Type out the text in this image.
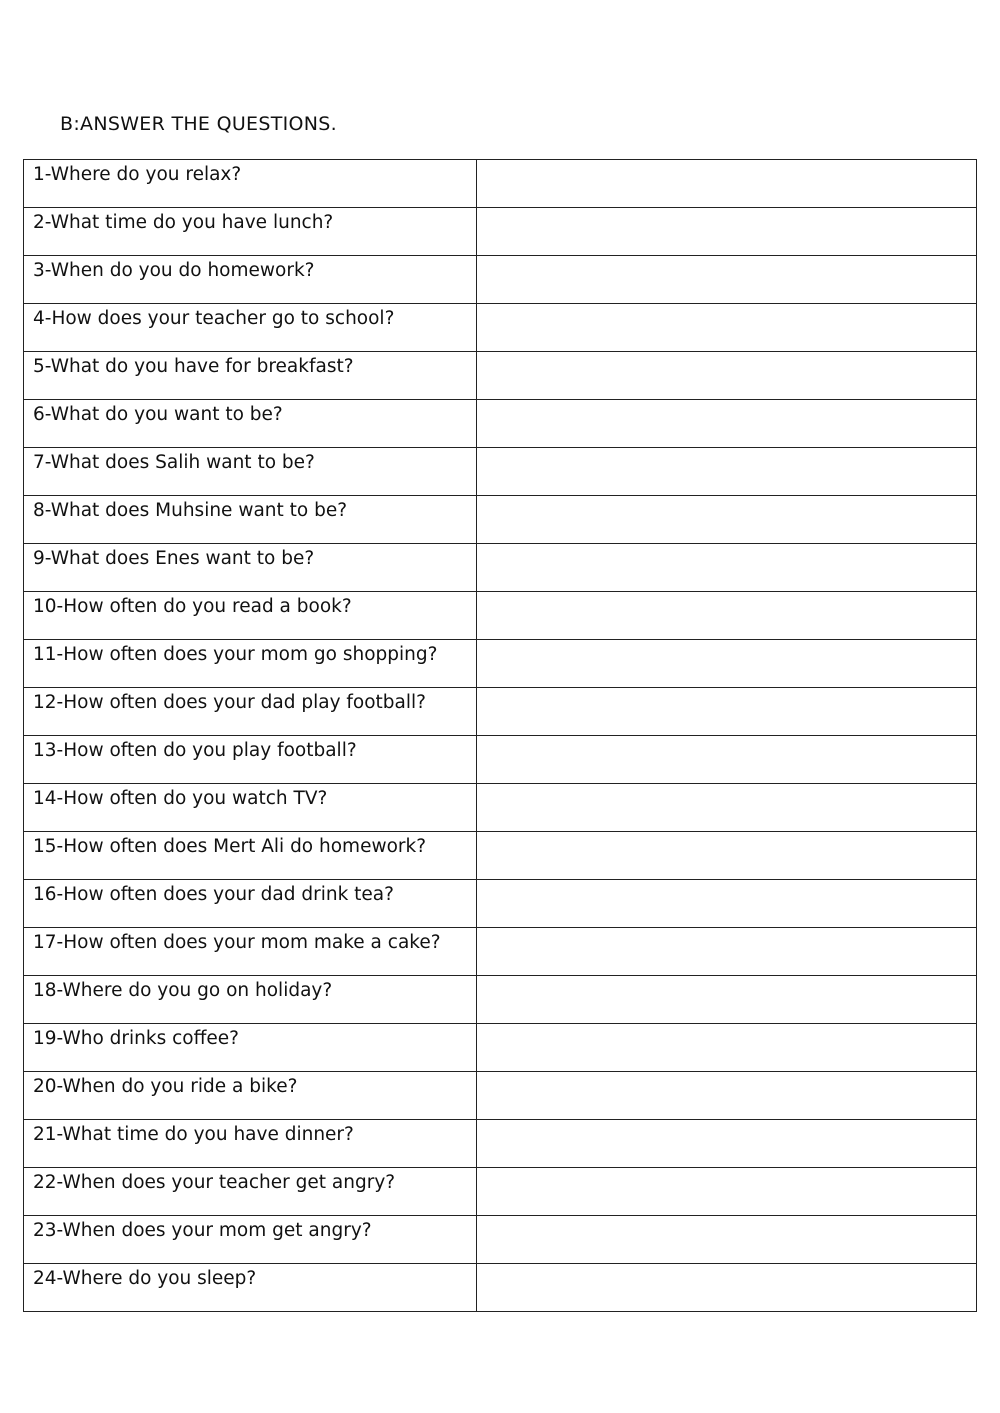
B:ANSWER THE QUESTIONS.
1-Where do you relax?	
2-What time do you have lunch?	
3-When do you do homework?	
4-How does your teacher go to school?	
5-What do you have for breakfast?	
6-What do you want to be?	
7-What does Salih want to be?	
8-What does Muhsine want to be?	
9-What does Enes want to be?	
10-How often do you read a book?	
11-How often does your mom go shopping?	
12-How often does your dad play football?	
13-How often do you play football?	
14-How often do you watch TV?	
15-How often does Mert Ali do homework?	
16-How often does your dad drink tea?	
17-How often does your mom make a cake?	
18-Where do you go on holiday?	
19-Who drinks coffee?	
20-When do you ride a bike?	
21-What time do you have dinner?	
22-When does your teacher get angry?	
23-When does your mom get angry?	
24-Where do you sleep?	
